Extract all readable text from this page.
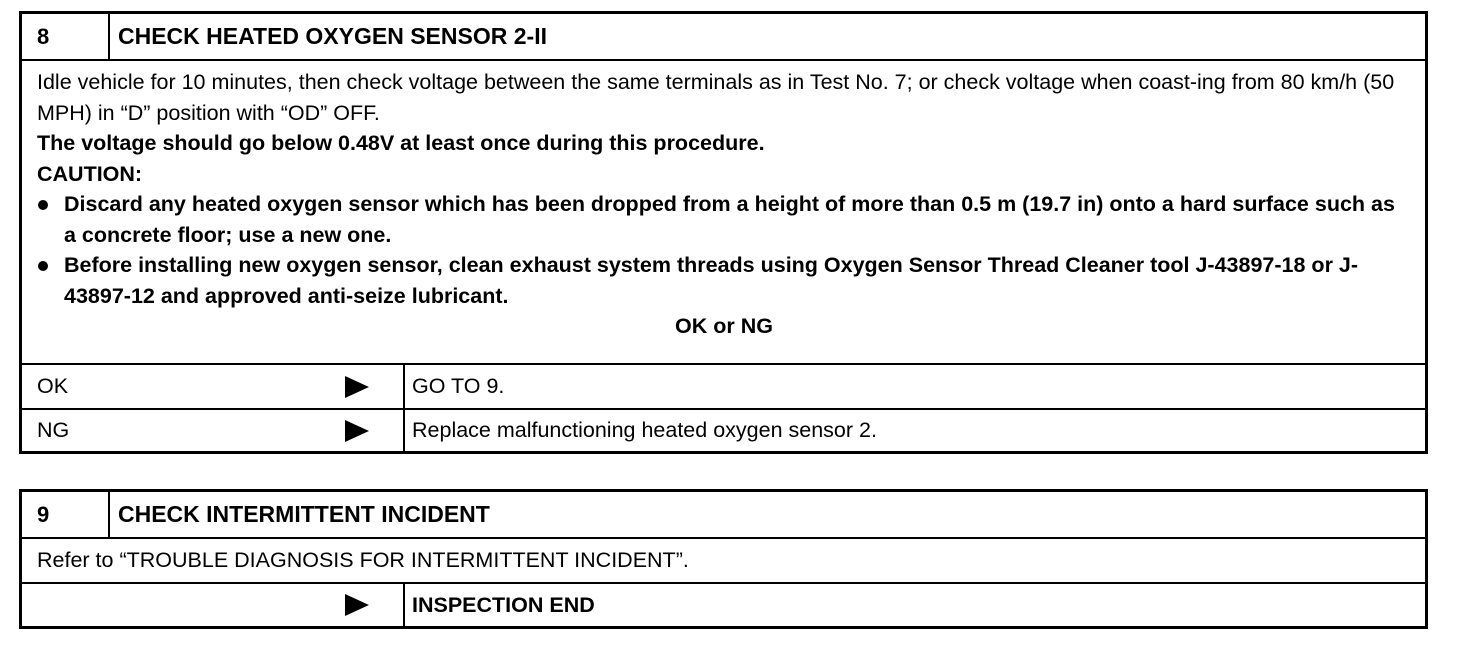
8	CHECK HEATED OXYGEN SENSOR 2-II

Idle vehicle for 10 minutes, then check voltage between the same terminals as in Test No. 7; or check voltage when coast-ing from 80 km/h (50 MPH) in “D” position with “OD” OFF.

The voltage should go below 0.48V at least once during this procedure.

CAUTION:

Discard any heated oxygen sensor which has been dropped from a height of more than 0.5 m (19.7 in) onto a hard surface such as a concrete floor; use a new one.
Before installing new oxygen sensor, clean exhaust system threads using Oxygen Sensor Thread Cleaner tool J-43897-18 or J-43897-12 and approved anti-seize lubricant.

OK or NG

OK	GO TO 9.
NG	Replace malfunctioning heated oxygen sensor 2.
9	CHECK INTERMITTENT INCIDENT
Refer to “TROUBLE DIAGNOSIS FOR INTERMITTENT INCIDENT”.
INSPECTION END
